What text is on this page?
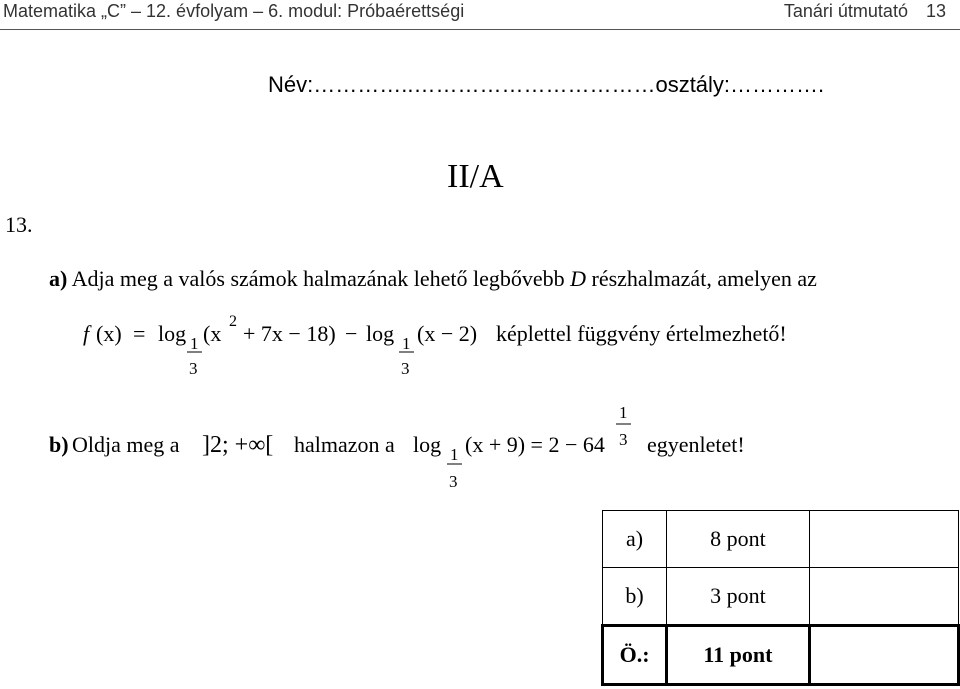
Matematika „C” – 12. évfolyam – 6. modul: Próbaérettségi	Tanári útmutató 13
Név:…………..……………………………osztály:………….
II/A
13.
a) Adja meg a valós számok halmazának lehető legbővebb D részhalmazát, amelyen az
f (x) = log 1
3
(x 2 + 7x − 18) − log 1
3
(x − 2) képlettel függvény értelmezhető!
b) Oldja meg a ]2; +∞[ halmazon a log 1
3
(x + 9) = 2 − 64
1
3 egyenletet!
a)	8 pont	
b)	3 pont	
Ö.:	11 pont	
